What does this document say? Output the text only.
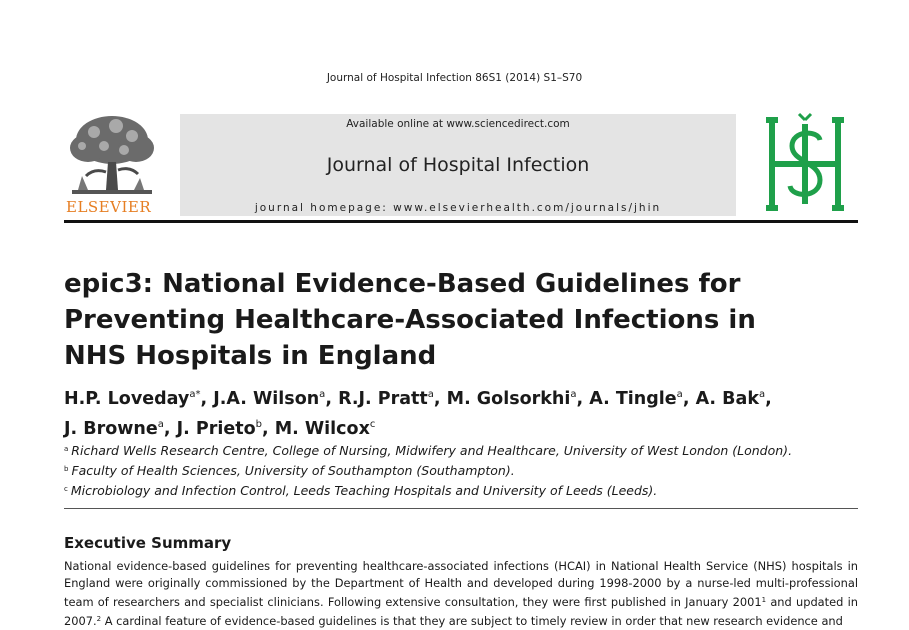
Journal of Hospital Infection 86S1 (2014) S1–S70
ELSEVIER
Available online at www.sciencedirect.com
Journal of Hospital Infection
journal homepage: www.elsevierhealth.com/journals/jhin
epic3: National Evidence-Based Guidelines for Preventing Healthcare-Associated Infections in NHS Hospitals in England
H.P. Loveday$^{a*}$, J.A. Wilson$^a$, R.J. Pratt$^a$, M. Golsorkhi$^a$, A. Tingle$^a$, A. Bak$^a$,
J. Browne$^a$, J. Prieto$^b$, M. Wilcox$^c$
$^a$ Richard Wells Research Centre, College of Nursing, Midwifery and Healthcare, University of West London (London).
$^b$ Faculty of Health Sciences, University of Southampton (Southampton).
$^c$ Microbiology and Infection Control, Leeds Teaching Hospitals and University of Leeds (Leeds).
Executive Summary

National evidence-based guidelines for preventing healthcare-associated infections (HCAI) in National Health Service (NHS) hospitals in England were originally commissioned by the Department of Health and developed during 1998-2000 by a nurse-led multi-professional team of researchers and specialist clinicians. Following extensive consultation, they were first published in January 2001$^1$ and updated in 2007.$^2$ A cardinal feature of evidence-based guidelines is that they are subject to timely review in order that new research evidence and
